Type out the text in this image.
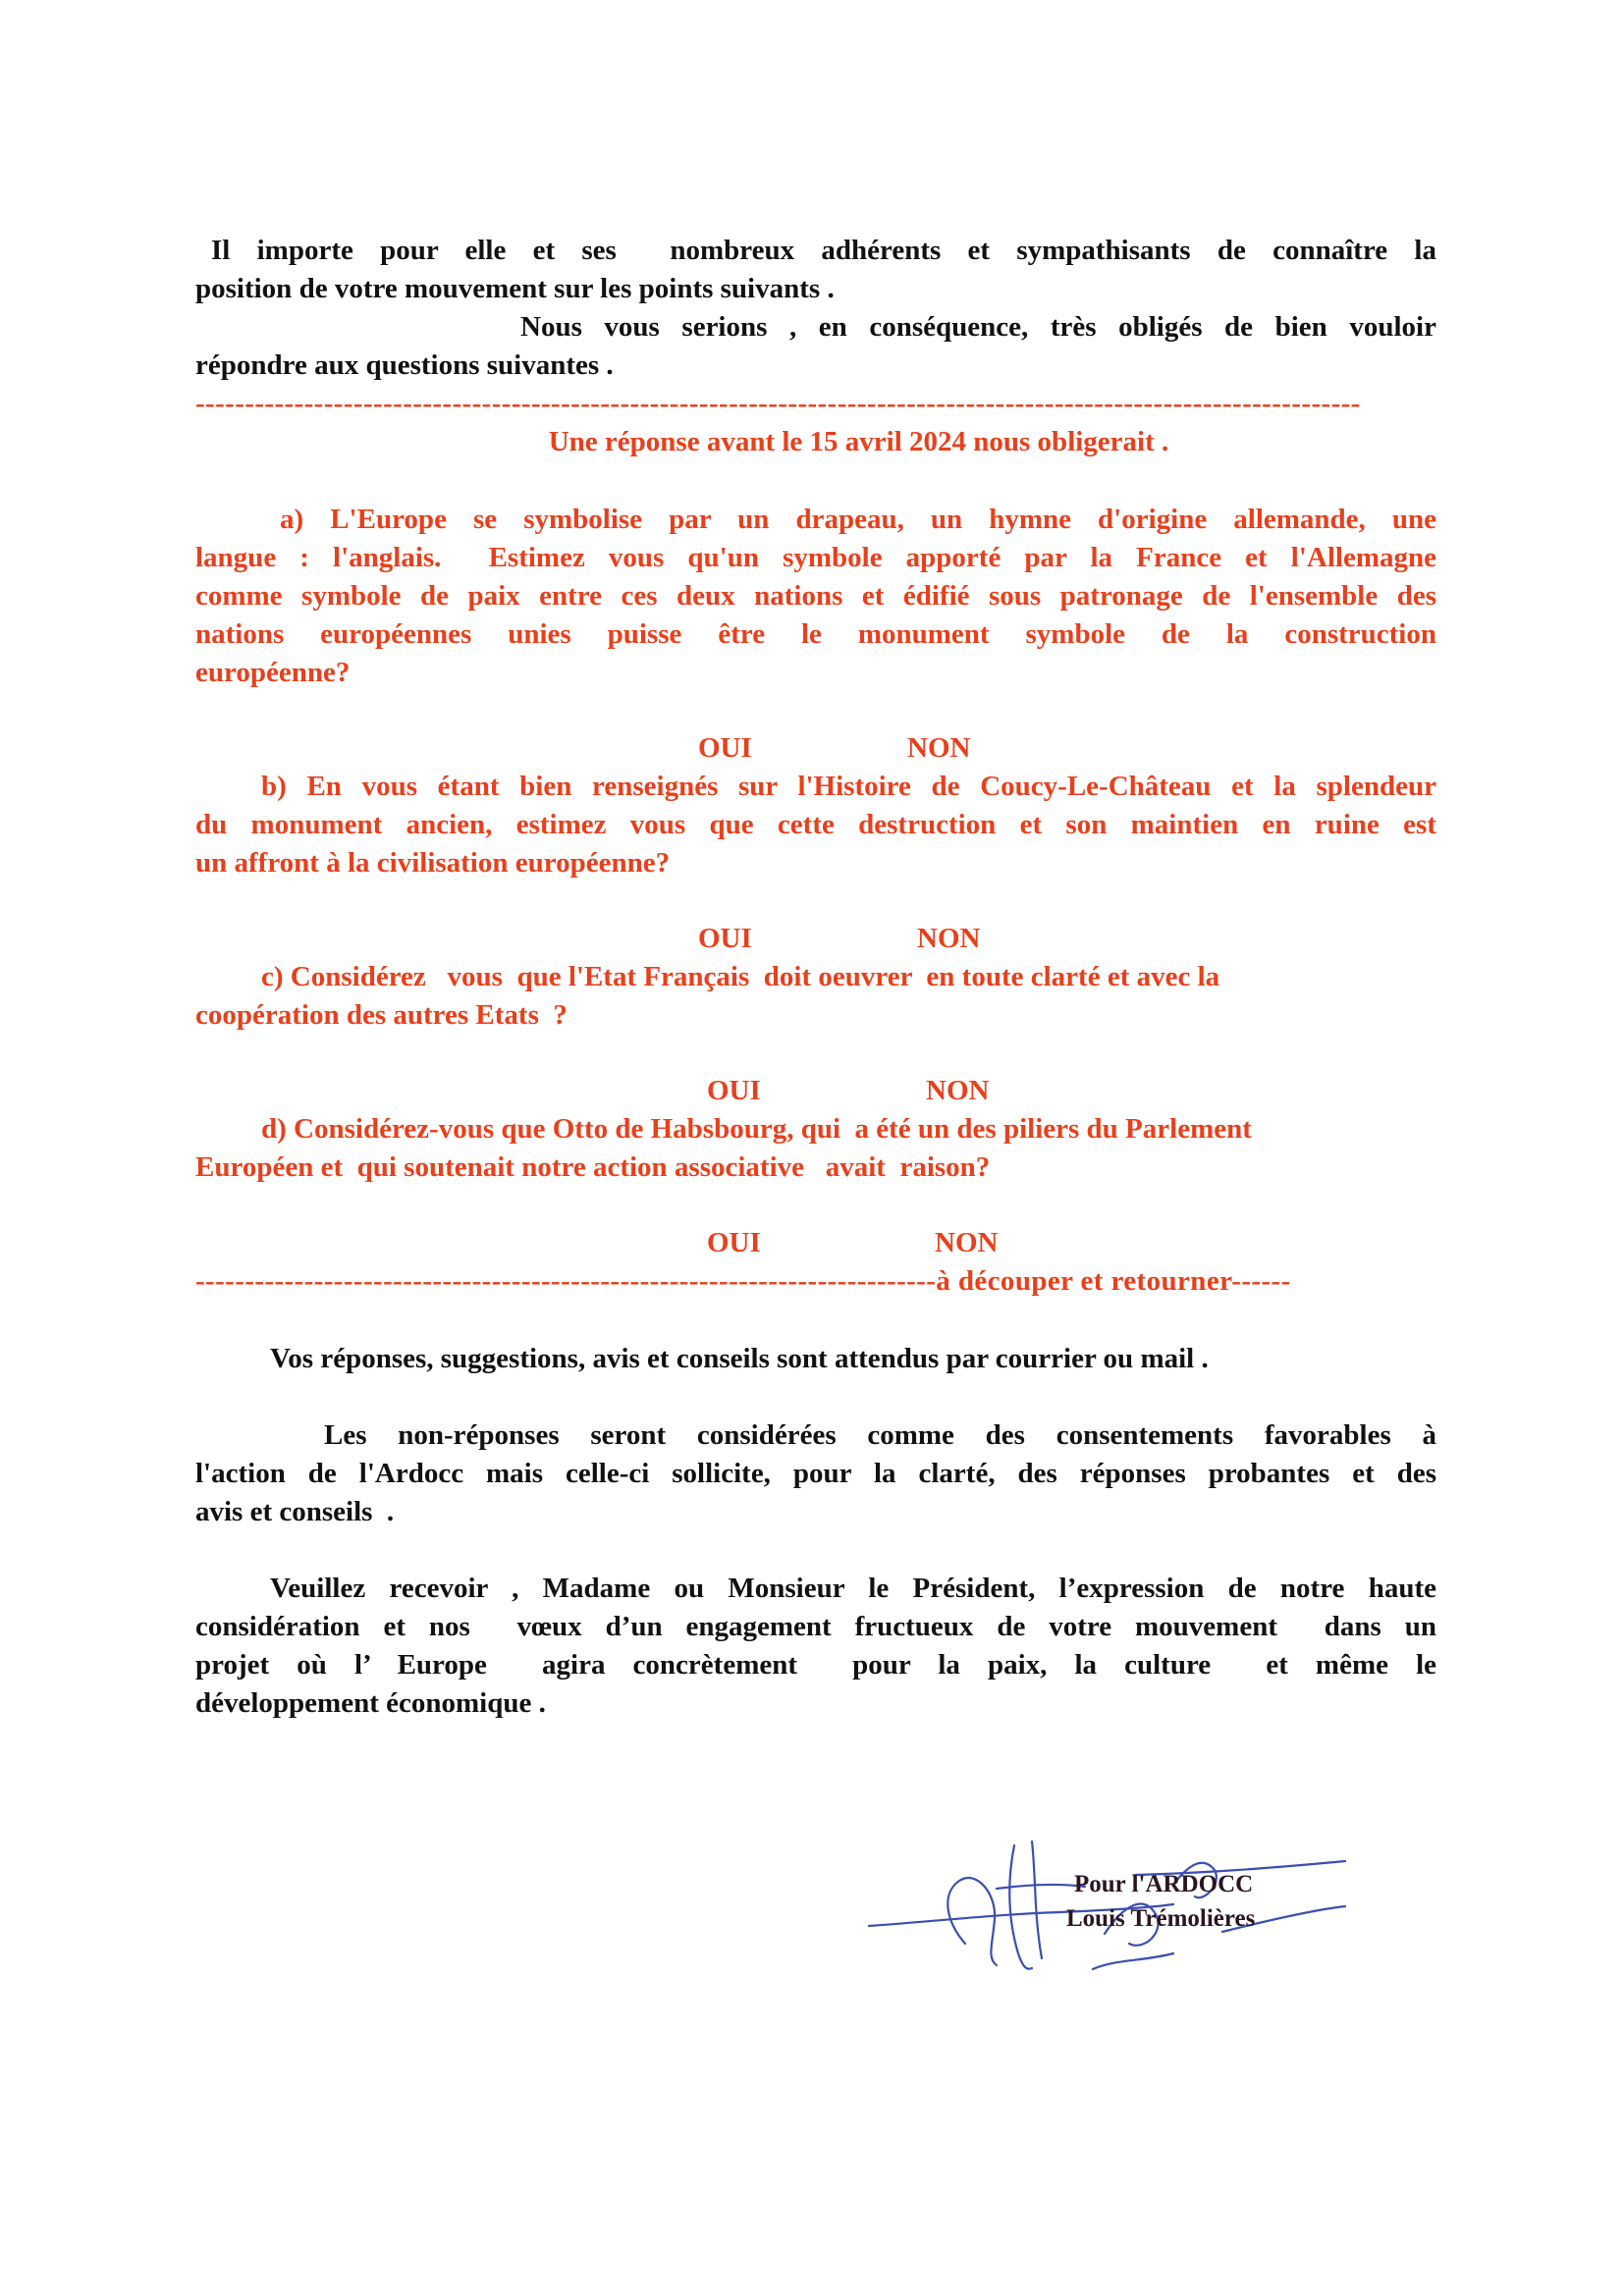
Il importe pour elle et ses  nombreux adhérents et sympathisants de connaître la
position de votre mouvement sur les points suivants .
Nous vous serions , en conséquence, très obligés de bien vouloir
répondre aux questions suivantes .
----------------------------------------------------------------------------------------------------------------------
Une réponse avant le 15 avril 2024 nous obligerait .
a) L'Europe se symbolise par un drapeau, un hymne d'origine allemande, une
langue : l'anglais.  Estimez vous qu'un symbole apporté par la France et l'Allemagne
comme symbole de paix entre ces deux nations et édifié sous patronage de l'ensemble des
nations européennes unies puisse être le monument symbole de la construction
européenne?
OUI	NON
b) En vous étant bien renseignés sur l'Histoire de Coucy-Le-Château et la splendeur
du monument ancien, estimez vous que cette destruction et son maintien en ruine est
un affront à la civilisation européenne?
OUI	NON
c) Considérez   vous  que l'Etat Français  doit oeuvrer  en toute clarté et avec la
coopération des autres Etats  ?
OUI	NON
d) Considérez-vous que Otto de Habsbourg, qui  a été un des piliers du Parlement
Européen et  qui soutenait notre action associative   avait  raison?
OUI	NON
---------------------------------------------------------------------------à découper et retourner------
Vos réponses, suggestions, avis et conseils sont attendus par courrier ou mail .
Les non-réponses seront considérées comme des consentements favorables à
l'action de l'Ardocc mais celle-ci sollicite, pour la clarté, des réponses probantes et des
avis et conseils  .
Veuillez recevoir , Madame ou Monsieur le Président, l’expression de notre haute
considération et nos  vœux d’un engagement fructueux de votre mouvement  dans un
projet où l’ Europe  agira concrètement  pour la paix, la culture  et même le
développement économique .
Pour l'ARDOCC
Louis Trémolières
